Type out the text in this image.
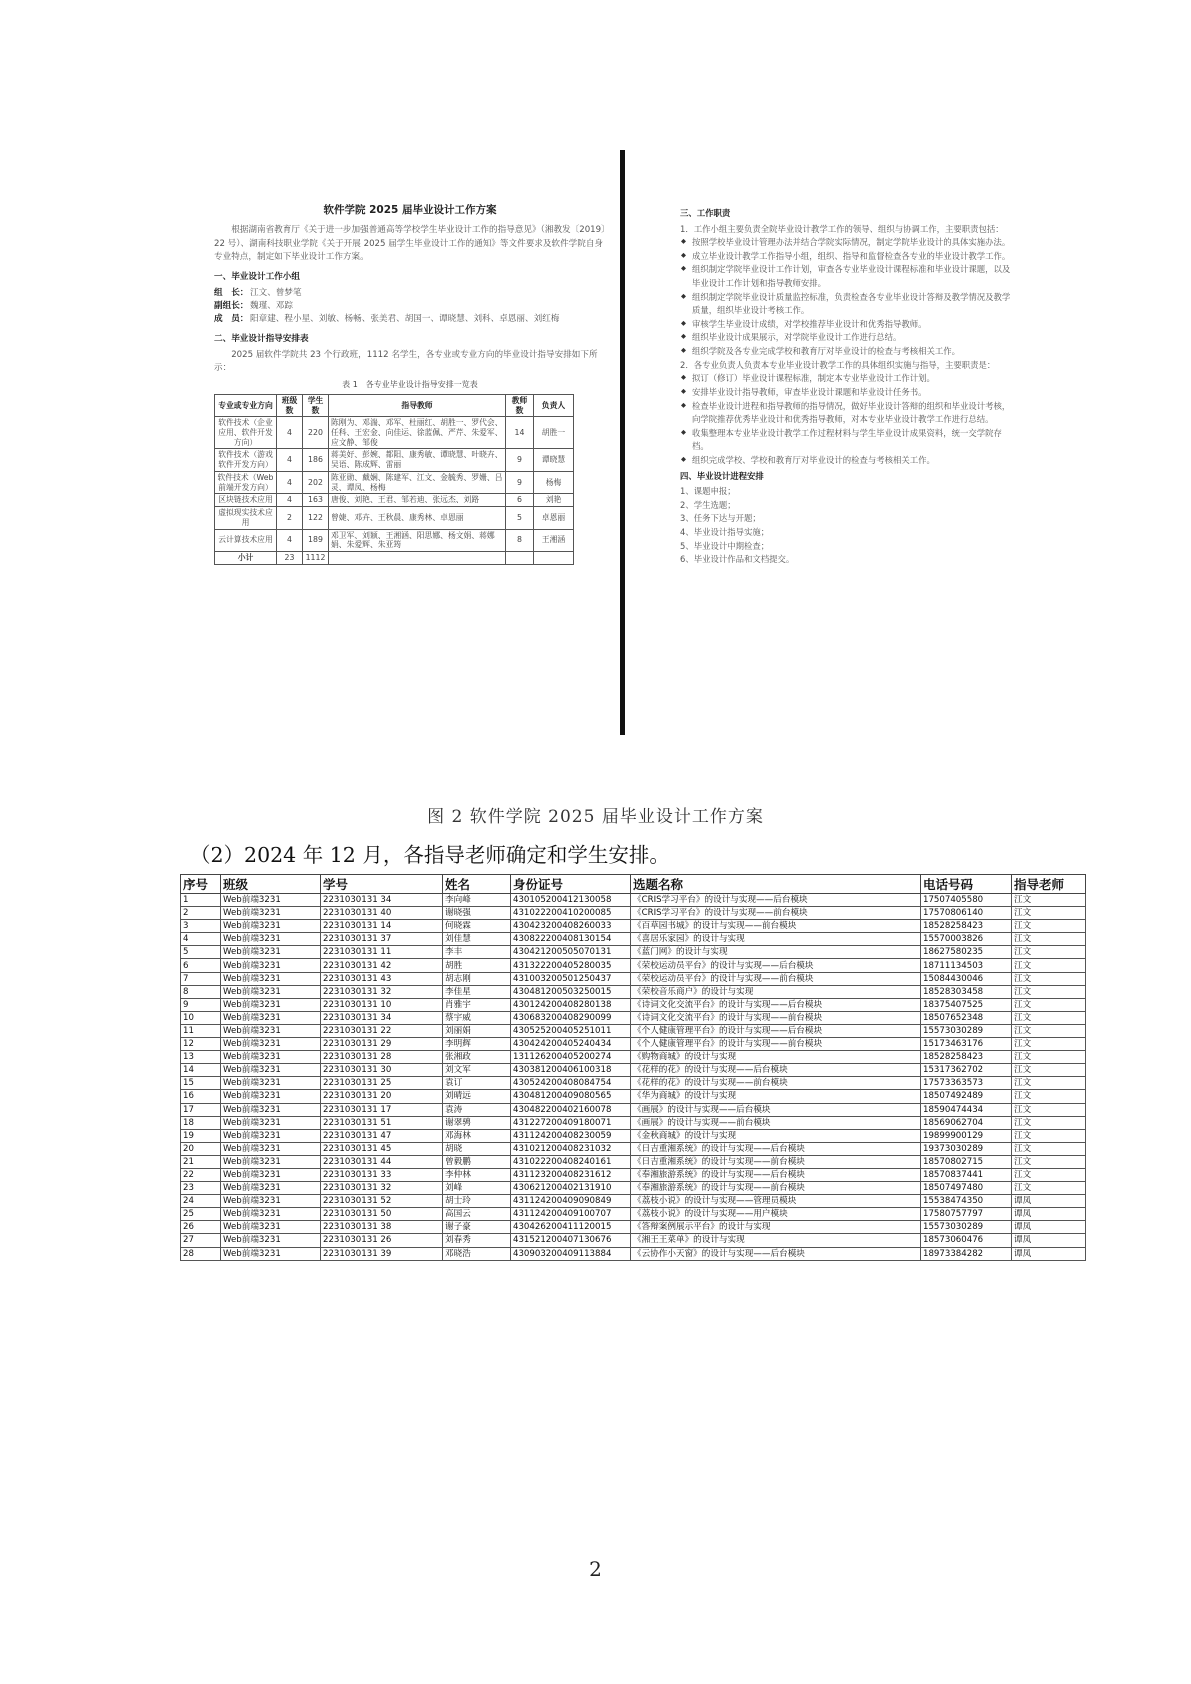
软件学院 2025 届毕业设计工作方案

根据湖南省教育厅《关于进一步加强普通高等学校学生毕业设计工作的指导意见》（湘教发〔2019〕22 号）、湖南科技职业学院《关于开展 2025 届学生毕业设计工作的通知》等文件要求及软件学院自身专业特点，制定如下毕业设计工作方案。

一、毕业设计工作小组
组　长： 江文、曾梦笔
副组长： 魏瑾、邓踪
成　员： 阳章建、程小星、刘敏、杨畅、张美君、胡国一、谭晓慧、刘科、卓恩丽、刘红梅
二、毕业设计指导安排表

2025 届软件学院共 23 个行政班，1112 名学生，各专业或专业方向的毕业设计指导安排如下所示：

表 1　各专业毕业设计指导安排一览表
专业或专业方向	班级数	学生数	指导教师	教师数	负责人
软件技术（企业应用、软件开发方向）	4	220	陈刚为、邓湍、邓军、杜丽红、胡胜一、罗代会、任科、王宏金、向佳运、徐蓝佩、严芹、朱爱军、应文静、邹俊	14	胡胜一
软件技术（游戏软件开发方向）	4	186	蒋美好、彭婉、都阳、康秀敏、谭晓慧、叶晓卉、吴语、陈成辉、雷丽	9	谭晓慧
软件技术（Web 前端开发方向）	4	202	陈亚勋、戴娴、陈建军、江文、金毓秀、罗姗、吕灵、谭凤、杨梅	9	杨梅
区块链技术应用	4	163	唐俊、刘艳、王君、邹若迪、张远杰、刘路	6	刘艳
虚拟现实技术应用	2	122	曾婕、邓卉、王秋晨、康秀林、卓恩丽	5	卓恩丽
云计算技术应用	4	189	邓卫军、刘颖、王湘涵、阳思娜、杨文娟、蒋娜娟、朱爱辉、朱亚筠	8	王湘涵
小计	23	1112			
三、工作职责

1．工作小组主要负责全院毕业设计教学工作的领导、组织与协调工作，主要职责包括：

◆ 按照学校毕业设计管理办法并结合学院实际情况，制定学院毕业设计的具体实施办法。
◆ 成立毕业设计教学工作指导小组，组织、指导和监督检查各专业的毕业设计教学工作。
◆ 组织制定学院毕业设计工作计划，审查各专业毕业设计课程标准和毕业设计课题，以及毕业设计工作计划和指导教师安排。
◆ 组织制定学院毕业设计质量监控标准，负责检查各专业毕业设计答辩及教学情况及教学质量，组织毕业设计考核工作。
◆ 审核学生毕业设计成绩，对学校推荐毕业设计和优秀指导教师。
◆ 组织毕业设计成果展示，对学院毕业设计工作进行总结。
◆ 组织学院及各专业完成学校和教育厅对毕业设计的检查与考核相关工作。

2．各专业负责人负责本专业毕业设计教学工作的具体组织实施与指导，主要职责是：

◆ 拟订（修订）毕业设计课程标准，制定本专业毕业设计工作计划。
◆ 安排毕业设计指导教师，审查毕业设计课题和毕业设计任务书。
◆ 检查毕业设计进程和指导教师的指导情况，做好毕业设计答辩的组织和毕业设计考核，向学院推荐优秀毕业设计和优秀指导教师，对本专业毕业设计教学工作进行总结。
◆ 收集整理本专业毕业设计教学工作过程材料与学生毕业设计成果资料，统一交学院存档。
◆ 组织完成学校、学校和教育厅对毕业设计的检查与考核相关工作。
四、毕业设计进程安排
1、课题申报；
2、学生选题；
3、任务下达与开题；
4、毕业设计指导实施；
5、毕业设计中期检查；
6、毕业设计作品和文档提交。
图 2 软件学院 2025 届毕业设计工作方案
（2）2024 年 12 月，各指导老师确定和学生安排。
序号	班级	学号	姓名	身份证号	选题名称	电话号码	指导老师
1	Web前端3231	2231030131 34	李向峰	430105200412130058	《CRIS学习平台》的设计与实现——后台模块	17507405580	江文
2	Web前端3231	2231030131 40	谢晓强	431022200410200085	《CRIS学习平台》的设计与实现——前台模块	17570806140	江文
3	Web前端3231	2231030131 14	何晓霖	430423200408260033	《百草园书城》的设计与实现——前台模块	18528258423	江文
4	Web前端3231	2231030131 37	刘佳慧	430822200408130154	《喜居乐家园》的设计与实现	15570003826	江文
5	Web前端3231	2231030131 11	李丰	430421200505070131	《蓝门网》的设计与实现	18627580235	江文
6	Web前端3231	2231030131 42	胡胜	431322200405280035	《荣校运动员平台》的设计与实现——后台模块	18711134503	江文
7	Web前端3231	2231030131 43	胡志刚	431003200501250437	《荣校运动员平台》的设计与实现——前台模块	15084430046	江文
8	Web前端3231	2231030131 32	李佳星	430481200503250015	《荣校音乐商户》的设计与实现	18528303458	江文
9	Web前端3231	2231030131 10	肖雅宇	430124200408280138	《诗词文化交流平台》的设计与实现——后台模块	18375407525	江文
10	Web前端3231	2231030131 34	蔡宇威	430683200408290099	《诗词文化交流平台》的设计与实现——前台模块	18507652348	江文
11	Web前端3231	2231030131 22	刘丽娟	430525200405251011	《个人健康管理平台》的设计与实现——后台模块	15573030289	江文
12	Web前端3231	2231030131 29	李明辉	430424200405240434	《个人健康管理平台》的设计与实现——前台模块	15173463176	江文
13	Web前端3231	2231030131 28	张湘政	131126200405200274	《购物商城》的设计与实现	18528258423	江文
14	Web前端3231	2231030131 30	刘文军	430381200406100318	《花样的花》的设计与实现——后台模块	15317362702	江文
15	Web前端3231	2231030131 25	袁订	430524200408084754	《花样的花》的设计与实现——前台模块	17573363573	江文
16	Web前端3231	2231030131 20	刘晴远	430481200409080565	《华为商城》的设计与实现	18507492489	江文
17	Web前端3231	2231030131 17	袁涛	430482200402160078	《画展》的设计与实现——后台模块	18590474434	江文
18	Web前端3231	2231030131 51	谢翠骋	431227200409180071	《画展》的设计与实现——前台模块	18569062704	江文
19	Web前端3231	2231030131 47	邓海林	431124200408230059	《金秋商城》的设计与实现	19899900129	江文
20	Web前端3231	2231030131 45	胡晓	431021200408231032	《日吉重湘系统》的设计与实现——后台模块	19373030289	江文
21	Web前端3231	2231030131 44	曾毅鹏	431022200408240161	《日吉重湘系统》的设计与实现——前台模块	18570802715	江文
22	Web前端3231	2231030131 33	李仲林	431123200408231612	《奉湘旅游系统》的设计与实现——后台模块	18570837441	江文
23	Web前端3231	2231030131 32	刘峰	430621200402131910	《奉湘旅游系统》的设计与实现——前台模块	18507497480	江文
24	Web前端3231	2231030131 52	胡士玲	431124200409090849	《荔枝小说》的设计与实现——管理员模块	15538474350	谭凤
25	Web前端3231	2231030131 50	高国云	431124200409100707	《荔枝小说》的设计与实现——用户模块	17580757797	谭凤
26	Web前端3231	2231030131 38	谢子豪	430426200411120015	《答辩案例展示平台》的设计与实现	15573030289	谭凤
27	Web前端3231	2231030131 26	刘春秀	431521200407130676	《湘王王菜单》的设计与实现	18573060476	谭凤
28	Web前端3231	2231030131 39	邓晓浩	430903200409113884	《云协作小天窗》的设计与实现——后台模块	18973384282	谭凤
2
